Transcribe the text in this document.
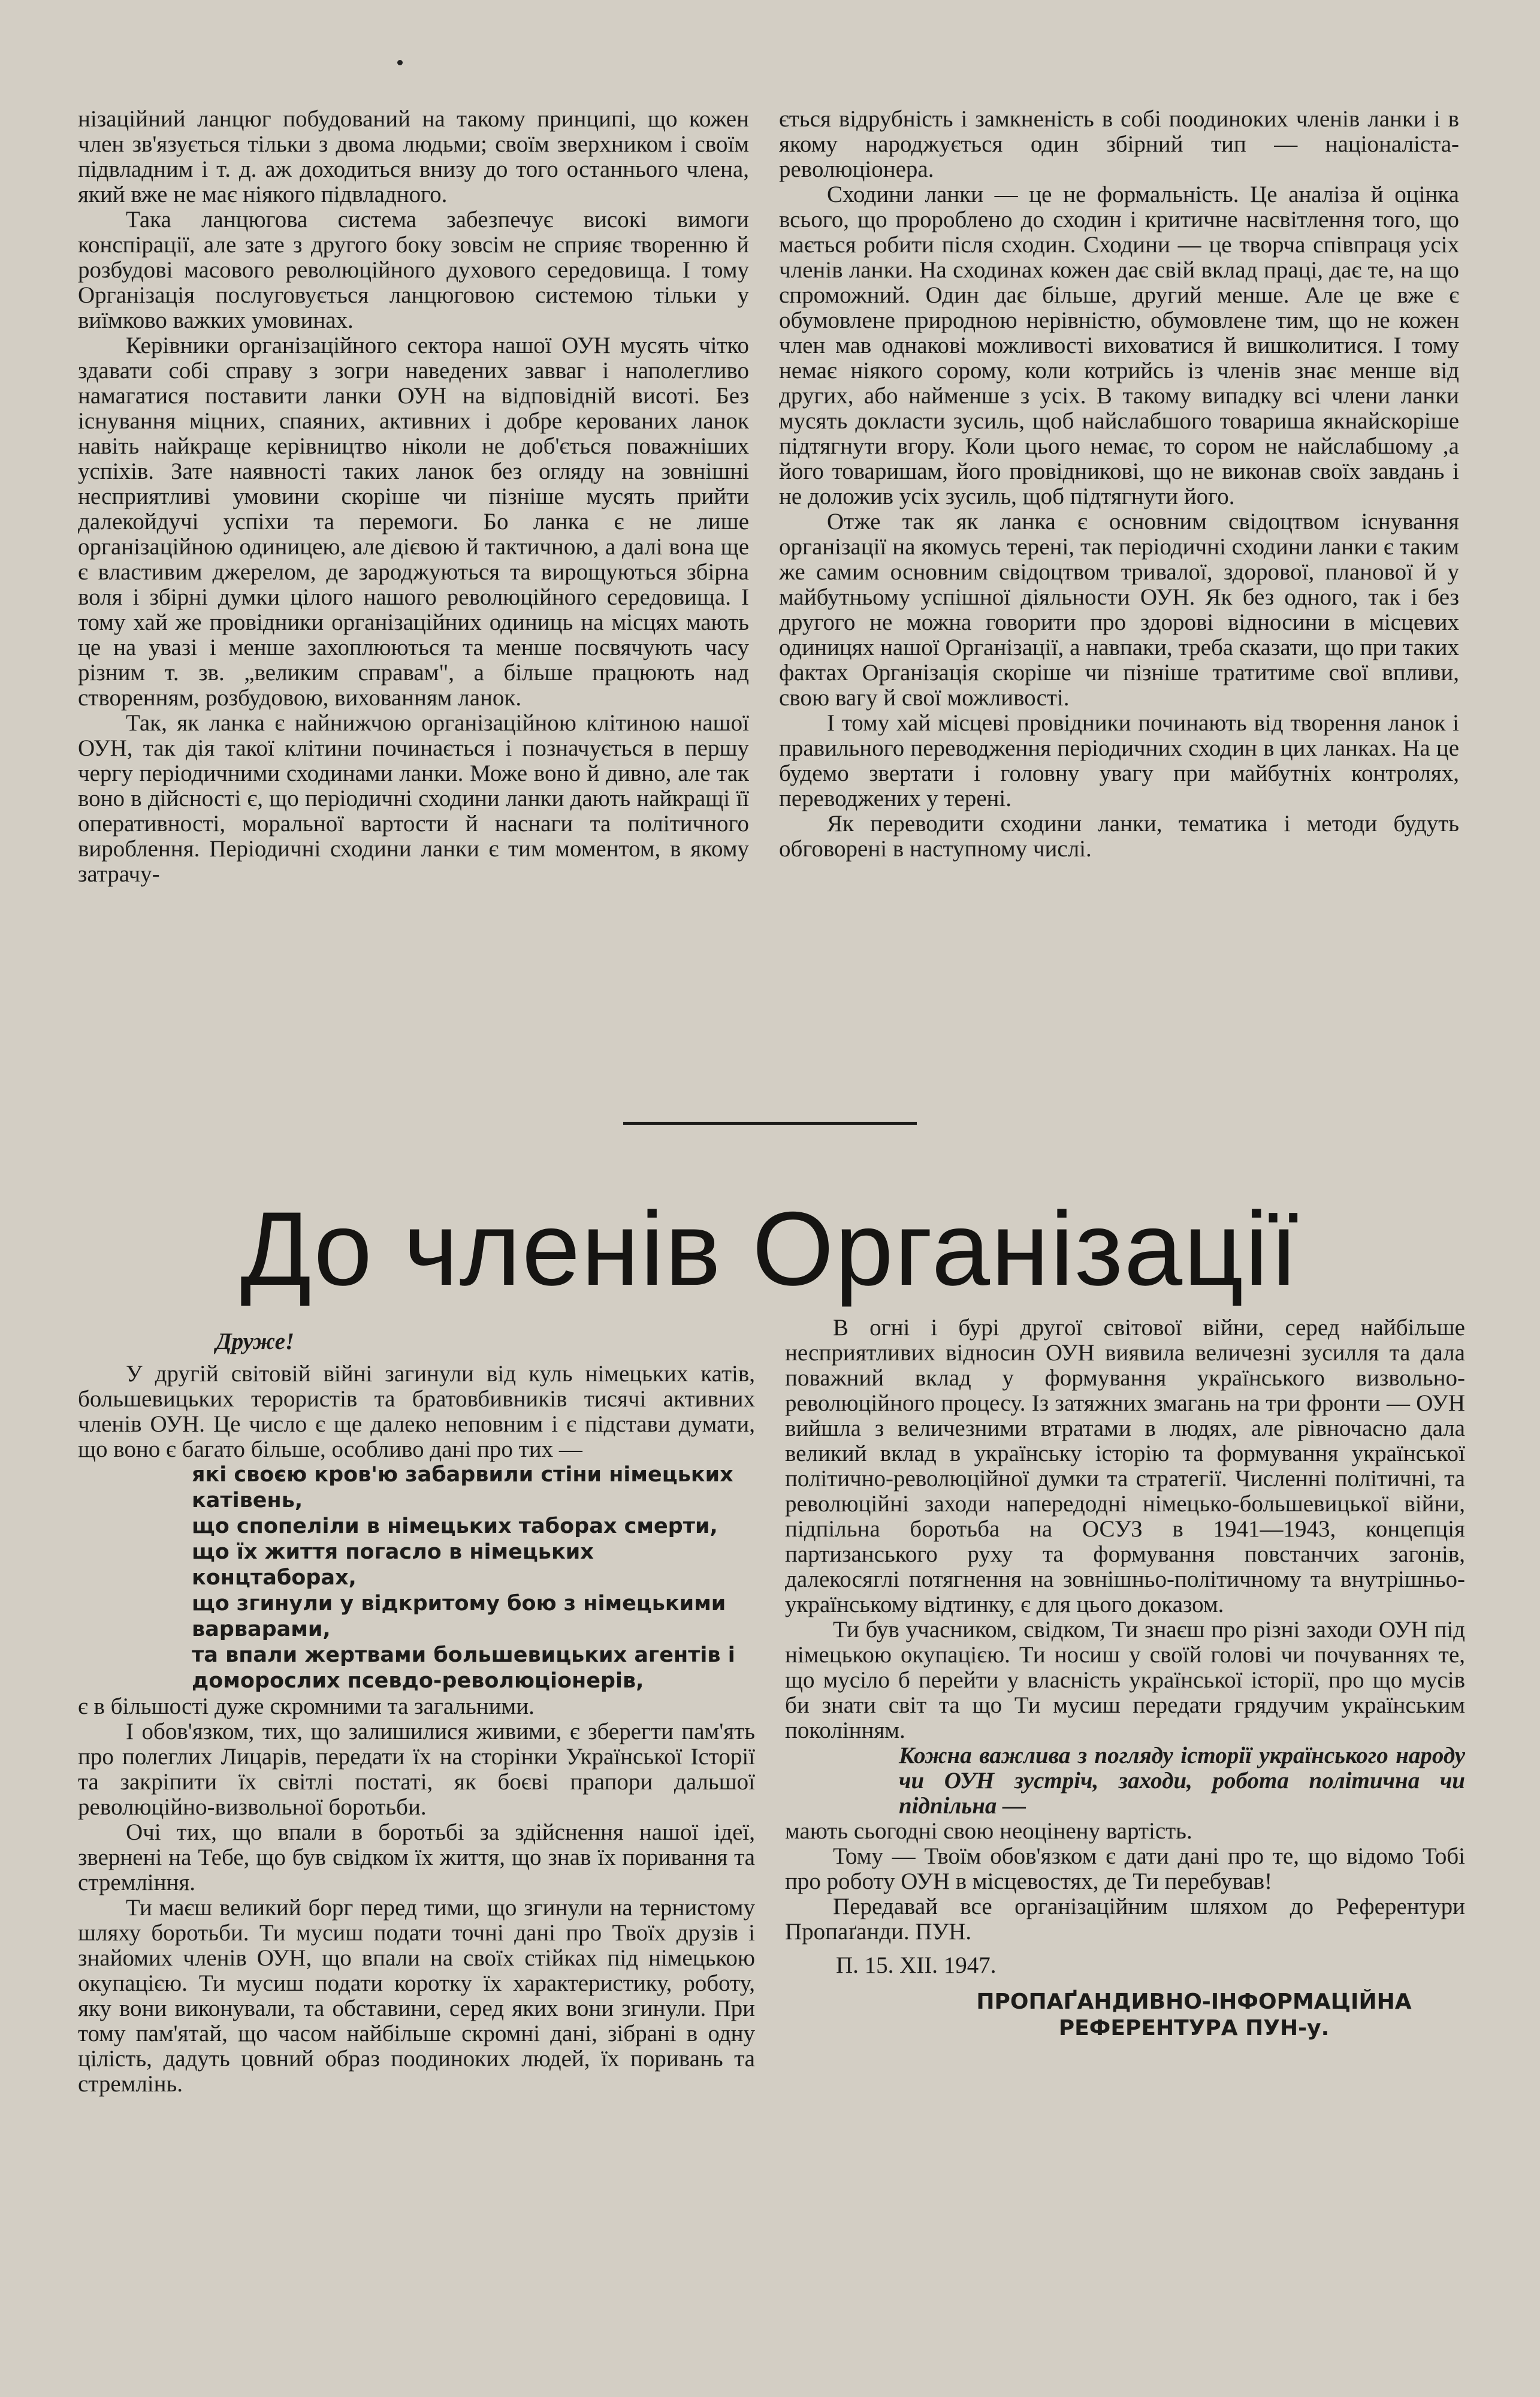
нізаційний ланцюг побудований на такому принципі, що кожен член зв'язується тільки з двома людьми; своїм зверхником і своїм підвладним і т. д. аж доходиться внизу до того останнього члена, який вже не має ніякого підвладного.

Така ланцюгова система забезпечує високі вимоги конспірації, але зате з другого боку зовсім не сприяє творенню й розбудові масового революційного духового середовища. І тому Організація послуговується ланцюговою системою тільки у виїмково важких умовинах.

Керівники організаційного сектора нашої ОУН мусять чітко здавати собі справу з зогри наведених завваг і наполегливо намагатися поставити ланки ОУН на відповідній висоті. Без існування міцних, спаяних, активних і добре керованих ланок навіть найкраще керівництво ніколи не доб'ється поважніших успіхів. Зате наявності таких ланок без огляду на зовнішні несприятливі умовини скоріше чи пізніше мусять прийти далекойдучі успіхи та перемоги. Бо ланка є не лише організаційною одиницею, але дієвою й тактичною, а далі вона ще є властивим джерелом, де зароджуються та вирощуються збірна воля і збірні думки цілого нашого революційного середовища. І тому хай же провідники організаційних одиниць на місцях мають це на увазі і менше захоплюються та менше посвячують часу різним т. зв. „великим справам", а більше працюють над створенням, розбудовою, вихованням ланок.

Так, як ланка є найнижчою організаційною клітиною нашої ОУН, так дія такої клітини починається і позначується в першу чергу періодичними сходинами ланки. Може воно й дивно, але так воно в дійсності є, що періодичні сходини ланки дають найкращі її оперативності, моральної вартости й наснаги та політичного вироблення. Періодичні сходини ланки є тим моментом, в якому затрачу-

ється відрубність і замкненість в собі поодиноких членів ланки і в якому народжується один збірний тип — націоналіста-революціонера.

Сходини ланки — це не формальність. Це аналіза й оцінка всього, що пророблено до сходин і критичне насвітлення того, що мається робити після сходин. Сходини — це творча співпраця усіх членів ланки. На сходинах кожен дає свій вклад праці, дає те, на що спроможний. Один дає більше, другий менше. Але це вже є обумовлене природною нерівністю, обумовлене тим, що не кожен член мав однакові можливості виховатися й вишколитися. І тому немає ніякого сорому, коли котрийсь із членів знає менше від других, або найменше з усіх. В такому випадку всі члени ланки мусять докласти зусиль, щоб найслабшого товариша якнайскоріше підтягнути вгору. Коли цього немає, то сором не найслабшому ,а його товаришам, його провідникові, що не виконав своїх завдань і не доложив усіх зусиль, щоб підтягнути його.

Отже так як ланка є основним свідоцтвом існування організації на якомусь терені, так періодичні сходини ланки є таким же самим основним свідоцтвом тривалої, здорової, планової й у майбутньому успішної діяльности ОУН. Як без одного, так і без другого не можна говорити про здорові відносини в місцевих одиницях нашої Організації, а навпаки, треба сказати, що при таких фактах Організація скоріше чи пізніше тратитиме свої впливи, свою вагу й свої можливості.

І тому хай місцеві провідники починають від творення ланок і правильного переводження періодичних сходин в цих ланках. На це будемо звертати і головну увагу при майбутніх контролях, переводжених у терені.

Як переводити сходини ланки, тематика і методи будуть обговорені в наступному числі.

До членів Організації

Друже!

У другій світовій війні загинули від куль німецьких катів, большевицьких терористів та братовбивників тисячі активних членів ОУН. Це число є ще далеко неповним і є підстави думати, що воно є багато більше, особливо дані про тих —

які своєю кров'ю забарвили стіни німецьких катівень,
що спопеліли в німецьких таборах смерти,
що їх життя погасло в німецьких концтаборах,
що згинули у відкритому бою з німецькими варварами,
та впали жертвами большевицьких агентів і доморослих псевдо-революціонерів,

є в більшості дуже скромними та загальними.

І обов'язком, тих, що залишилися живими, є зберегти пам'ять про полеглих Лицарів, передати їх на сторінки Української Історії та закріпити їх світлі постаті, як боєві прапори дальшої революційно-визвольної боротьби.

Очі тих, що впали в боротьбі за здійснення нашої ідеї, звернені на Тебе, що був свідком їх життя, що знав їх поривання та стремління.

Ти маєш великий борг перед тими, що згинули на тернистому шляху боротьби. Ти мусиш подати точні дані про Твоїх друзів і знайомих членів ОУН, що впали на своїх стійках під німецькою окупацією. Ти мусиш подати коротку їх характеристику, роботу, яку вони виконували, та обставини, серед яких вони згинули. При тому пам'ятай, що часом найбільше скромні дані, зібрані в одну цілість, дадуть цовний образ поодиноких людей, їх поривань та стремлінь.

В огні і бурі другої світової війни, серед найбільше несприятливих відносин ОУН виявила величезні зусилля та дала поважний вклад у формування українського визвольно-революційного процесу. Із затяжних змагань на три фронти — ОУН вийшла з величезними втратами в людях, але рівночасно дала великий вклад в українську історію та формування української політично-революційної думки та стратегії. Численні політичні, та революційні заходи напередодні німецько-большевицької війни, підпільна боротьба на ОСУЗ в 1941—1943, концепція партизанського руху та формування повстанчих загонів, далекосяглі потягнення на зовнішньо-політичному та внутрішньо-українському відтинку, є для цього доказом.

Ти був учасником, свідком, Ти знаєш про різні заходи ОУН під німецькою окупацією. Ти носиш у своїй голові чи почуваннях те, що мусіло б перейти у власність української історії, про що мусів би знати світ та що Ти мусиш передати грядучим українським поколінням.

Кожна важлива з погляду історії українського народу чи ОУН зустріч, заходи, робота політична чи підпільна —

мають сьогодні свою неоцінену вартість.

Тому — Твоїм обов'язком є дати дані про те, що відомо Тобі про роботу ОУН в місцевостях, де Ти перебував!

Передавай все організаційним шляхом до Референтури Пропаґанди. ПУН.

П. 15. XII. 1947.

ПРОПАҐАНДИВНО-ІНФОРМАЦІЙНА

РЕФЕРЕНТУРА ПУН-у.
